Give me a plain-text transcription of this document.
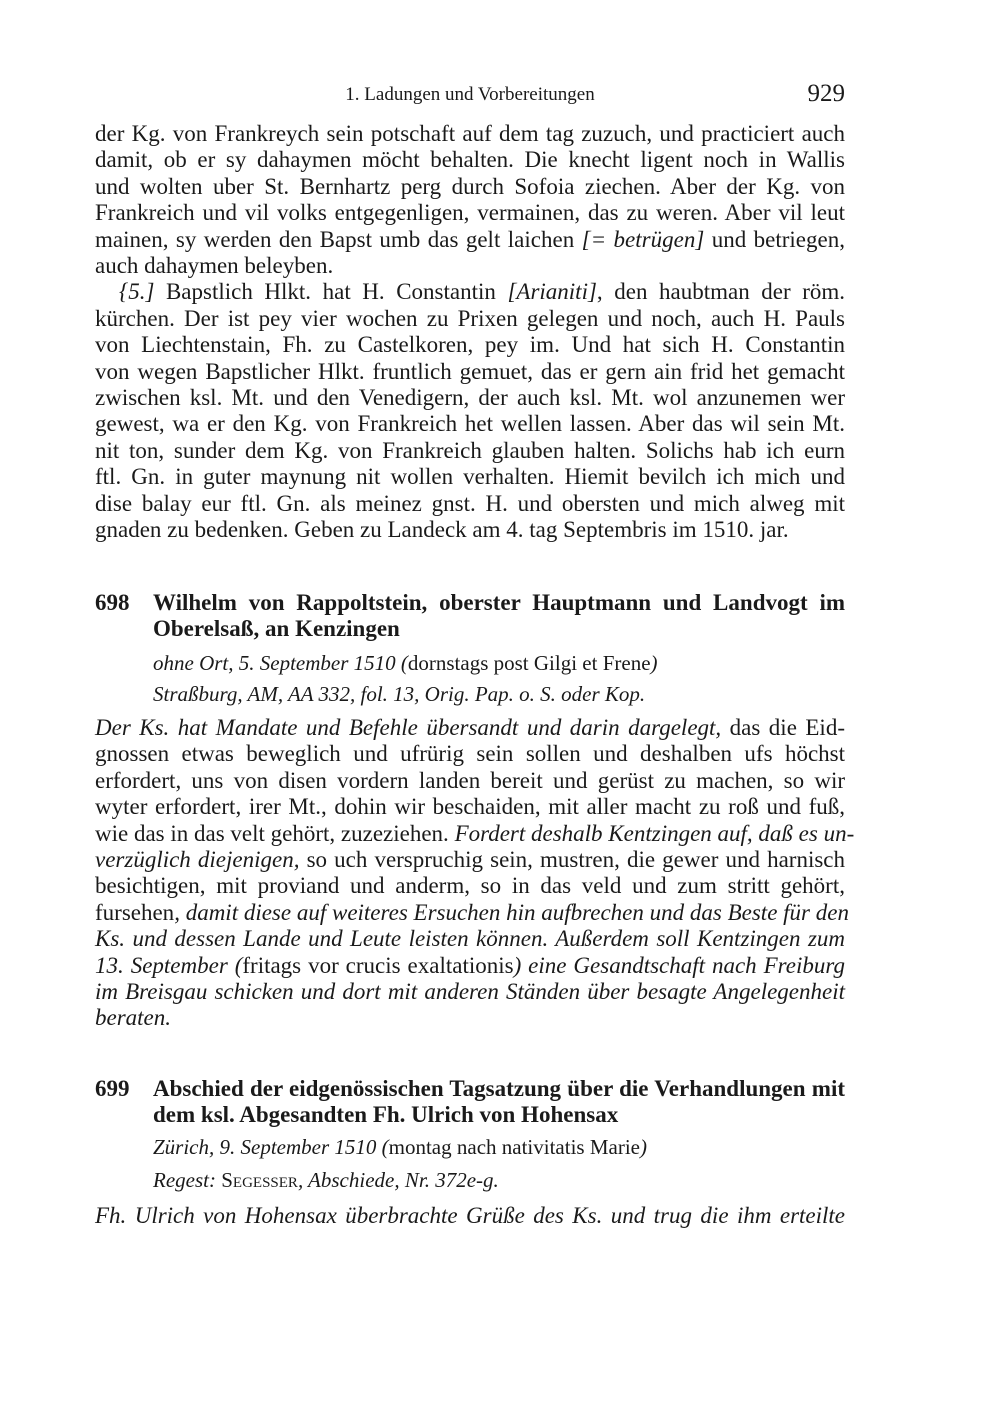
1. Ladungen und Vorbereitungen	929
der Kg. von Frankreych sein potschaft auf dem tag zuzuch, und practiciert auch
damit, ob er sy dahaymen möcht behalten. Die knecht ligent noch in Wallis
und wolten uber St. Bernhartz perg durch Sofoia ziechen. Aber der Kg. von
Frankreich und vil volks entgegenligen, vermainen, das zu weren. Aber vil leut
mainen, sy werden den Bapst umb das gelt laichen [= betrügen] und betriegen,
auch dahaymen beleyben.
{5.] Bapstlich Hlkt. hat H. Constantin [Arianiti], den haubtman der röm.
kürchen. Der ist pey vier wochen zu Prixen gelegen und noch, auch H. Pauls
von Liechtenstain, Fh. zu Castelkoren, pey im. Und hat sich H. Constantin
von wegen Bapstlicher Hlkt. fruntlich gemuet, das er gern ain frid het gemacht
zwischen ksl. Mt. und den Venedigern, der auch ksl. Mt. wol anzunemen wer
gewest, wa er den Kg. von Frankreich het wellen lassen. Aber das wil sein Mt.
nit ton, sunder dem Kg. von Frankreich glauben halten. Solichs hab ich eurn
ftl. Gn. in guter maynung nit wollen verhalten. Hiemit bevilch ich mich und
dise balay eur ftl. Gn. als meinez gnst. H. und obersten und mich alweg mit
gnaden zu bedenken. Geben zu Landeck am 4. tag Septembris im 1510. jar.
698 Wilhelm von Rappoltstein, oberster Hauptmann und Landvogt im
Oberelsaß, an Kenzingen
ohne Ort, 5. September 1510 (dornstags post Gilgi et Frene)
Straßburg, AM, AA 332, fol. 13, Orig. Pap. o. S. oder Kop.
Der Ks. hat Mandate und Befehle übersandt und darin dargelegt, das die Eid-
gnossen etwas beweglich und ufrürig sein sollen und deshalben ufs höchst
erfordert, uns von disen vordern landen bereit und gerüst zu machen, so wir
wyter erfordert, irer Mt., dohin wir beschaiden, mit aller macht zu roß und fuß,
wie das in das velt gehört, zuzeziehen. Fordert deshalb Kentzingen auf, daß es un-
verzüglich diejenigen, so uch verspruchig sein, mustren, die gewer und harnisch
besichtigen, mit proviand und anderm, so in das veld und zum stritt gehört,
fursehen, damit diese auf weiteres Ersuchen hin aufbrechen und das Beste für den
Ks. und dessen Lande und Leute leisten können. Außerdem soll Kentzingen zum
13. September (fritags vor crucis exaltationis) eine Gesandtschaft nach Freiburg
im Breisgau schicken und dort mit anderen Ständen über besagte Angelegenheit
beraten.
699 Abschied der eidgenössischen Tagsatzung über die Verhandlungen mit
dem ksl. Abgesandten Fh. Ulrich von Hohensax
Zürich, 9. September 1510 (montag nach nativitatis Marie)
Regest: Segesser, Abschiede, Nr. 372e-g.
Fh. Ulrich von Hohensax überbrachte Grüße des Ks. und trug die ihm erteilte
